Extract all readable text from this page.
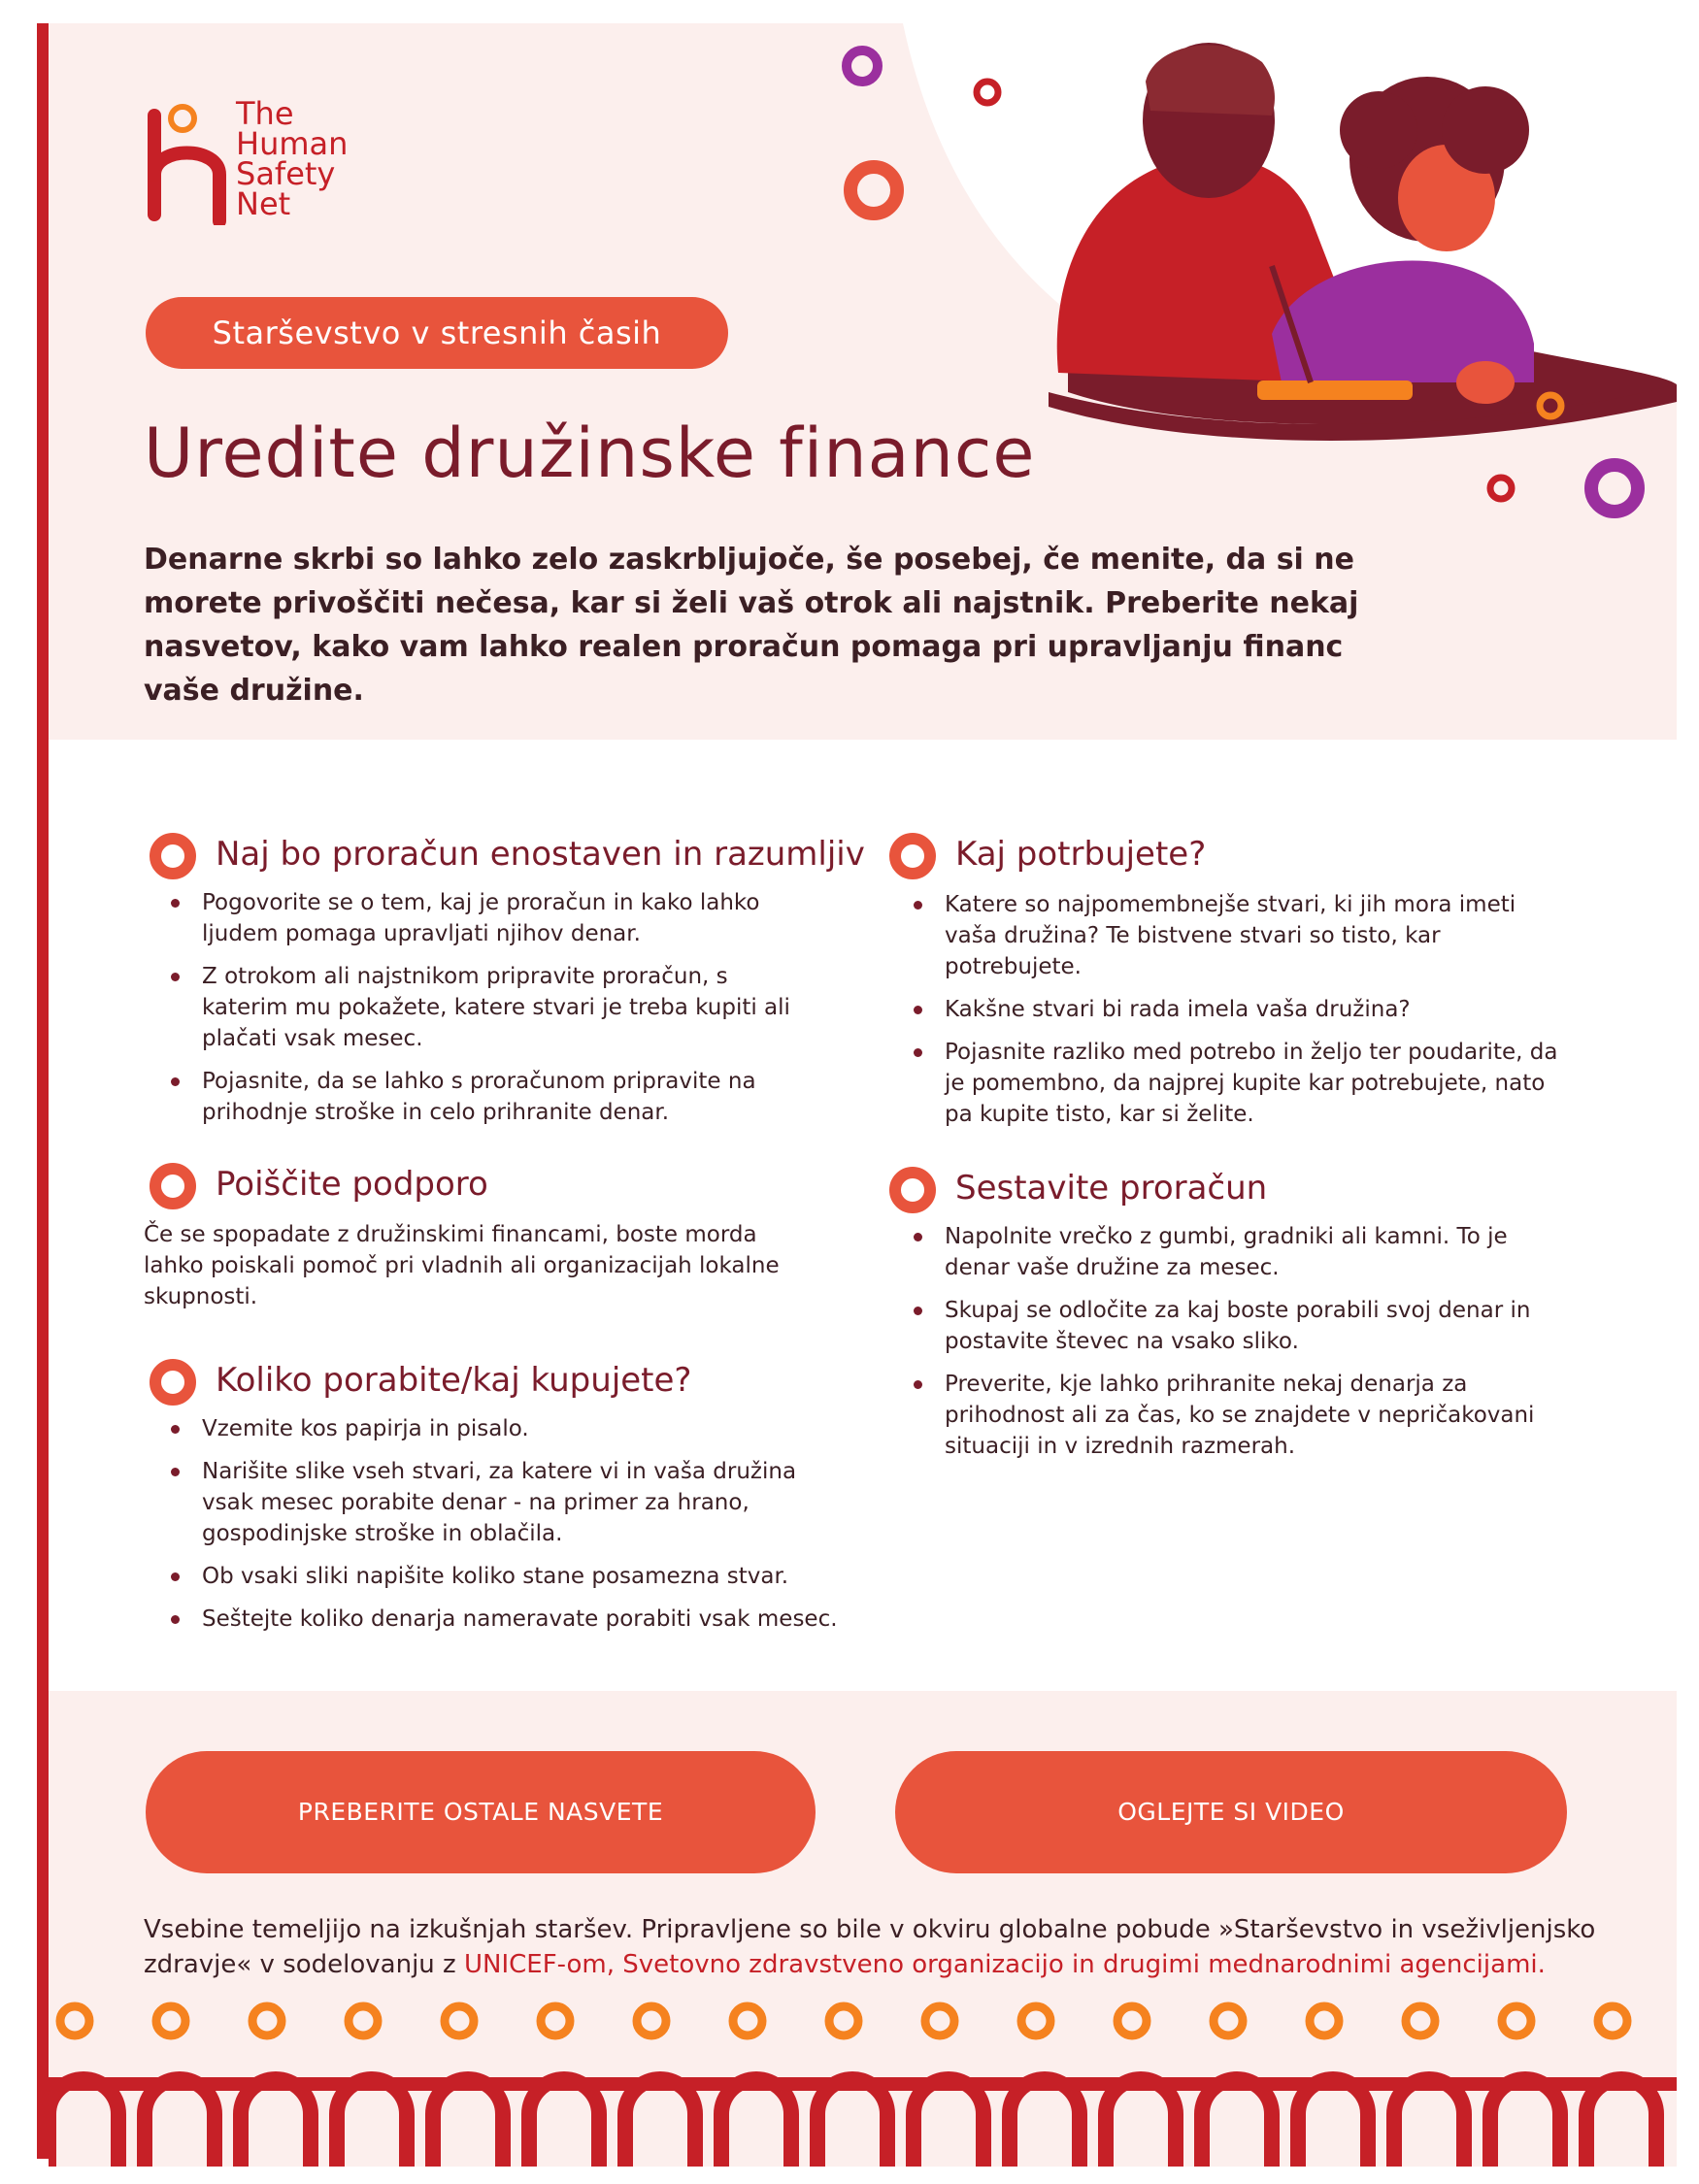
The
Human
Safety
Net
Starševstvo v stresnih časih
Uredite družinske finance
Denarne skrbi so lahko zelo zaskrbljujoče, še posebej, če menite, da si ne morete privoščiti nečesa, kar si želi vaš otrok ali najstnik. Preberite nekaj nasvetov, kako vam lahko realen proračun pomaga pri upravljanju financ vaše družine.
Naj bo proračun enostaven in razumljiv
Pogovorite se o tem, kaj je proračun in kako lahko ljudem pomaga upravljati njihov denar.
Z otrokom ali najstnikom pripravite proračun, s katerim mu pokažete, katere stvari je treba kupiti ali plačati vsak mesec.
Pojasnite, da se lahko s proračunom pripravite na prihodnje stroške in celo prihranite denar.
Poiščite podporo
Če se spopadate z družinskimi financami, boste morda lahko poiskali pomoč pri vladnih ali organizacijah lokalne skupnosti.
Koliko porabite/kaj kupujete?
Vzemite kos papirja in pisalo.
Narišite slike vseh stvari, za katere vi in vaša družina vsak mesec porabite denar - na primer za hrano, gospodinjske stroške in oblačila.
Ob vsaki sliki napišite koliko stane posamezna stvar.
Seštejte koliko denarja nameravate porabiti vsak mesec.
Kaj potrbujete?
Katere so najpomembnejše stvari, ki jih mora imeti vaša družina? Te bistvene stvari so tisto, kar potrebujete.
Kakšne stvari bi rada imela vaša družina?
Pojasnite razliko med potrebo in željo ter poudarite, da je pomembno, da najprej kupite kar potrebujete, nato pa kupite tisto, kar si želite.
Sestavite proračun
Napolnite vrečko z gumbi, gradniki ali kamni. To je denar vaše družine za mesec.
Skupaj se odločite za kaj boste porabili svoj denar in postavite števec na vsako sliko.
Preverite, kje lahko prihranite nekaj denarja za prihodnost ali za čas, ko se znajdete v nepričakovani situaciji in v izrednih razmerah.
PREBERITE OSTALE NASVETE	OGLEJTE SI VIDEO
Vsebine temeljijo na izkušnjah staršev. Pripravljene so bile v okviru globalne pobude »Starševstvo in vseživljenjsko zdravje« v sodelovanju z UNICEF-om, Svetovno zdravstveno organizacijo in drugimi mednarodnimi agencijami.
